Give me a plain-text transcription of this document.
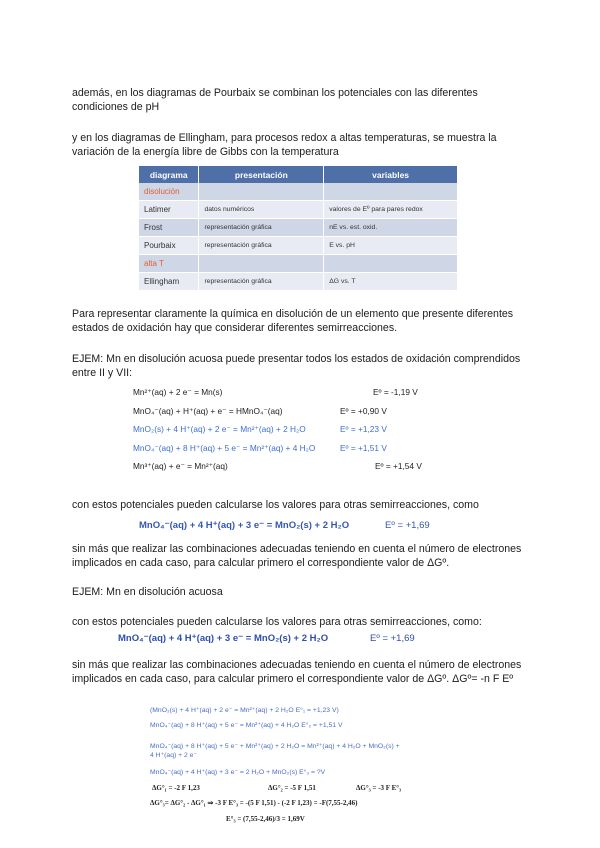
además, en los diagramas de Pourbaix se combinan los potenciales con las diferentes condiciones de pH
y en los diagramas de Ellingham, para procesos redox a altas temperaturas, se muestra la variación de la energía libre de Gibbs con la temperatura
diagrama	presentación	variables
disolución		
Latimer	datos numéricos	valores de Eº para pares redox
Frost	representación gráfica	nE vs. est. oxid.
Pourbaix	representación gráfica	E vs. pH
alta T		
Ellingham	representación gráfica	ΔG vs. T
Para representar claramente la química en disolución de un elemento que presente diferentes estados de oxidación hay que considerar diferentes semirreacciones.
EJEM: Mn en disolución acuosa puede presentar todos los estados de oxidación comprendidos entre II y VII:
Mn²⁺(aq) + 2 e⁻ = Mn(s)	Eº = -1,19 V
MnO₄⁻(aq) + H⁺(aq) + e⁻ = HMnO₄⁻(aq)	Eº = +0,90 V
MnO₂(s) + 4 H⁺(aq) + 2 e⁻ = Mn²⁺(aq) + 2 H₂O	Eº = +1,23 V
MnO₄⁻(aq) + 8 H⁺(aq) + 5 e⁻ = Mn²⁺(aq) + 4 H₂O	Eº = +1,51 V
Mn³⁺(aq) + e⁻ = Mn²⁺(aq)	Eº = +1,54 V
con estos potenciales pueden calcularse los valores para otras semirreacciones, como
MnO₄⁻(aq) + 4 H⁺(aq) + 3 e⁻ = MnO₂(s) + 2 H₂O	Eº = +1,69
sin más que realizar las combinaciones adecuadas teniendo en cuenta el número de electrones implicados en cada caso, para calcular primero el correspondiente valor de ΔGº.
EJEM: Mn en disolución acuosa
con estos potenciales pueden calcularse los valores para otras semirreacciones, como:
MnO₄⁻(aq) + 4 H⁺(aq) + 3 e⁻ = MnO₂(s) + 2 H₂O	Eº = +1,69
sin más que realizar las combinaciones adecuadas teniendo en cuenta el número de electrones implicados en cada caso, para calcular primero el correspondiente valor de ΔGº. ΔGº= -n F Eº
(MnO₂(s) + 4 H⁺(aq) + 2 e⁻ = Mn²⁺(aq) + 2 H₂O E°₁ = +1,23 V)
MnO₄⁻(aq) + 8 H⁺(aq) + 5 e⁻ = Mn²⁺(aq) + 4 H₂O E°₂ = +1,51 V
MnO₄⁻(aq) + 8 H⁺(aq) + 5 e⁻ + Mn²⁺(aq) + 2 H₂O = Mn²⁺(aq) + 4 H₂O + MnO₂(s) +
4 H⁺(aq) + 2 e⁻
MnO₄⁻(aq) + 4 H⁺(aq) + 3 e⁻ = 2 H₂O + MnO₂(s) E°₃ = ?V
ΔG°₁ = -2 F 1,23	ΔG°₂ = -5 F 1,51	ΔG°₃ = -3 F E°₃
ΔG°₃= ΔG°₂ - ΔG°₁ ⇒ -3 F E°₃ = -(5 F 1,51) - (-2 F 1,23) = -F(7,55-2,46)
E°₃ = (7,55-2,46)/3 = 1,69V
